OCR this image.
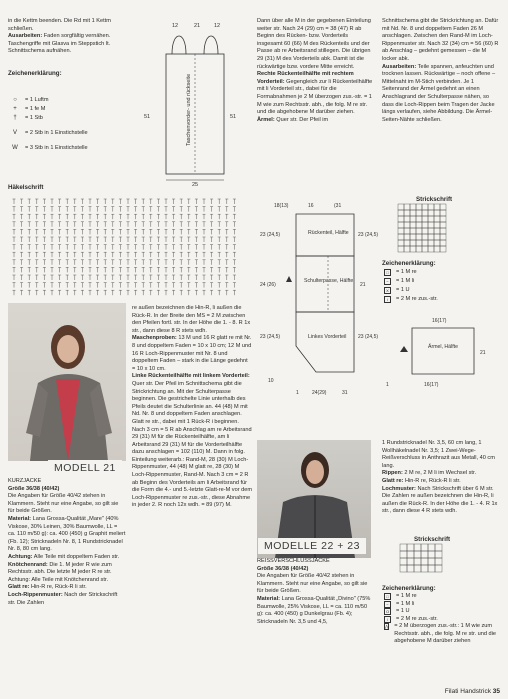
in die Kettm beenden. Die Rd mit 1 Kettm schließen.

Ausarbeiten: Faden sorgfältig vernähen. Taschengriffe mit Glasva im Steppstich lt. Schnittschema aufnähen.

Zeichenerklärung:

○	= 1 Luftm
+	= 1 fe M
†	= 1 Stb
V	= 2 Stb in 1 Einstichstelle
W	= 3 Stb in 1 Einstichstelle
Häkelschrift
12	21	12
51	51
Taschenvorder- und rückseite
25
MODELL 21

KURZJACKE

Größe 36/38 (40/42)

Die Angaben für Größe 40/42 stehen in Klammern. Steht nur eine Angabe, so gilt sie für beide Größen.

Material: Lana Grossa-Qualität „Mare" (40% Viskose, 30% Leinen, 30% Baumwolle, LL = ca. 110 m/50 g): ca. 400 (450) g Graphit meliert (Fb. 12); Stricknadeln Nr. 8, 1 Rundstricknadel Nr. 8, 80 cm lang.

Achtung: Alle Teile mit doppeltem Faden str.

Knötchenrand: Die 1. M jeder R wie zum Rechtsstr. abh. Die letzte M jeder R re str. Achtung: Alle Teile mit Knötchenrand str.

Glatt re: Hin-R re, Rück-R li str.

Loch-Rippenmuster: Nach der Strickschrift str. Die Zahlen

re außen bezeichnen die Hin-R, li außen die Rück-R. In der Breite den MS = 2 M zwischen den Pfeilen fortl. str. In der Höhe die 1. - 8. R 1x str., dann diese 8 R stets wdh.

Maschenproben: 13 M und 16 R glatt re mit Nr. 8 und doppeltem Faden = 10 x 10 cm; 12 M und 16 R Loch-Rippenmuster mit Nr. 8 und doppeltem Faden – stark in die Länge gedehnt = 10 x 10 cm.

Linke Rückenteilhälfte mit linkem Vorderteil: Quer str. Der Pfeil im Schnittschema gibt die Strickrichtung an. Mit der Schulterpasse beginnen. Die gestrichelte Linie unterhalb des Pfeils deutet die Schulterlinie an. 44 (48) M mit Nd. Nr. 8 und doppeltem Faden anschlagen. Glatt re str., dabei mit 1 Rück-R i beginnen. Nach 3 cm = 5 R ab Anschlag am re Arbeitsrand 29 (31) M für die Rückenteilhälfte, am li Arbeitsrand 29 (31) M für die Vorderteilhälfte dazu anschlagen = 102 (110) M. Dann in folg. Einteilung weiterarb.: Rand-M, 28 (30) M Loch-Rippenmuster, 44 (48) M glatt re, 28 (30) M Loch-Rippenmuster, Rand-M. Nach 3 cm = 2 R ab Beginn des Vorderteils am li Arbeitsrand für die Form die 4.- und 5.-letzte Glatt-re-M vor dem Loch-Rippenmuster re zus.-str., diese Abnahme in jeder 2. R noch 12x wdh. = 89 (97) M.

Dann über alle M in der gegebenen Einteilung weiter str. Nach 24 (29) cm = 38 (47) R ab Beginn des Rücken- bzw. Vorderteils insgesamt 60 (66) M des Rückenteils und der Passe ab re Arbeitsrand stillegen. Die übrigen 29 (31) M des Vorderteils abk. Damit ist die rückwärtige bzw. vordere Mitte erreicht.

Rechte Rückenteilhälfte mit rechtem Vorderteil: Gegengleich zur li Rückenteilhälfte mit li Vorderteil str., dabei für die Formabnahmen je 2 M überzogen zus.-str. = 1 M wie zum Rechtsstr. abh., die folg. M re str. und die abgehobene M darüber ziehen.

Ärmel: Quer str. Der Pfeil im

18(13)	16	(31
Rückenteil, Hälfte
Schulterpasse, Hälfte
Linkes Vorderteil
23 (24,5)
24 (26)
23 (24,5)
10
23 (24,5)
21
23 (24,5)
1	24(29)	31
MODELLE 22 + 23

REISSVERSCHLUSSJACKE

Größe 36/38 (40/42)

Die Angaben für Größe 40/42 stehen in Klammern. Steht nur eine Angabe, so gilt sie für beide Größen.

Material: Lana Grossa-Qualität „Divino" (75% Baumwolle, 25% Viskose, LL = ca. 110 m/50 g): ca. 400 (450) g Dunkelgrau (Fb. 4); Stricknadeln Nr. 3,5 und 4,5,

Schnittschema gibt die Strickrichtung an. Dafür mit Nd. Nr. 8 und doppeltem Faden 26 M anschlagen. Zwischen den Rand-M im Loch-Rippenmuster str. Nach 32 (34) cm = 56 (60) R ab Anschlag – gedehnt gemessen – die M locker abk.

Ausarbeiten: Teile spannen, anfeuchten und trocknen lassen. Rückwärtige – noch offene – Mittelnaht im M-Stich verbinden. Je 1 Seitenrand der Ärmel gedehnt an einen Anschlagrand der Schulterpasse nähen, so dass die Loch-Rippen beim Tragen der Jacke längs verlaufen, siehe Abbildung. Die Ärmel-Seiten-Nähte schließen.

Strickschrift
Zeichenerklärung:
□	= 1 M re
−	= 1 M li
X	= 1 U
/	= 2 M re zus.-str.
16(17)
Ärmel, Hälfte
21
16(17)
1

1 Rundstricknadel Nr. 3,5, 60 cm lang, 1 Wollhäkelnadel Nr. 3,5; 1 Zwei-Wege-Reißverschluss in Anthrazit aus Metall, 40 cm lang.

Rippen: 2 M re, 2 M li im Wechsel str.

Glatt re: Hin-R re, Rück-R li str.

Lochmuster: Nach Strickschrift über 6 M str. Die Zahlen re außen bezeichnen die Hin-R, li außen die Rück-R. In der Höhe die 1. - 4. R 1x str., dann diese 4 R stets wdh.

Strickschrift
Zeichenerklärung:
□	= 1 M re
−	= 1 M li
O	= 1 U
/	= 2 M re zus.-str.
⋀ = 2 M überzogen zus.-str.: 1 M wie zum Rechtsstr. abh., die folg. M re str. und die abgehobene M darüber ziehen
Filati Handstrick 35
